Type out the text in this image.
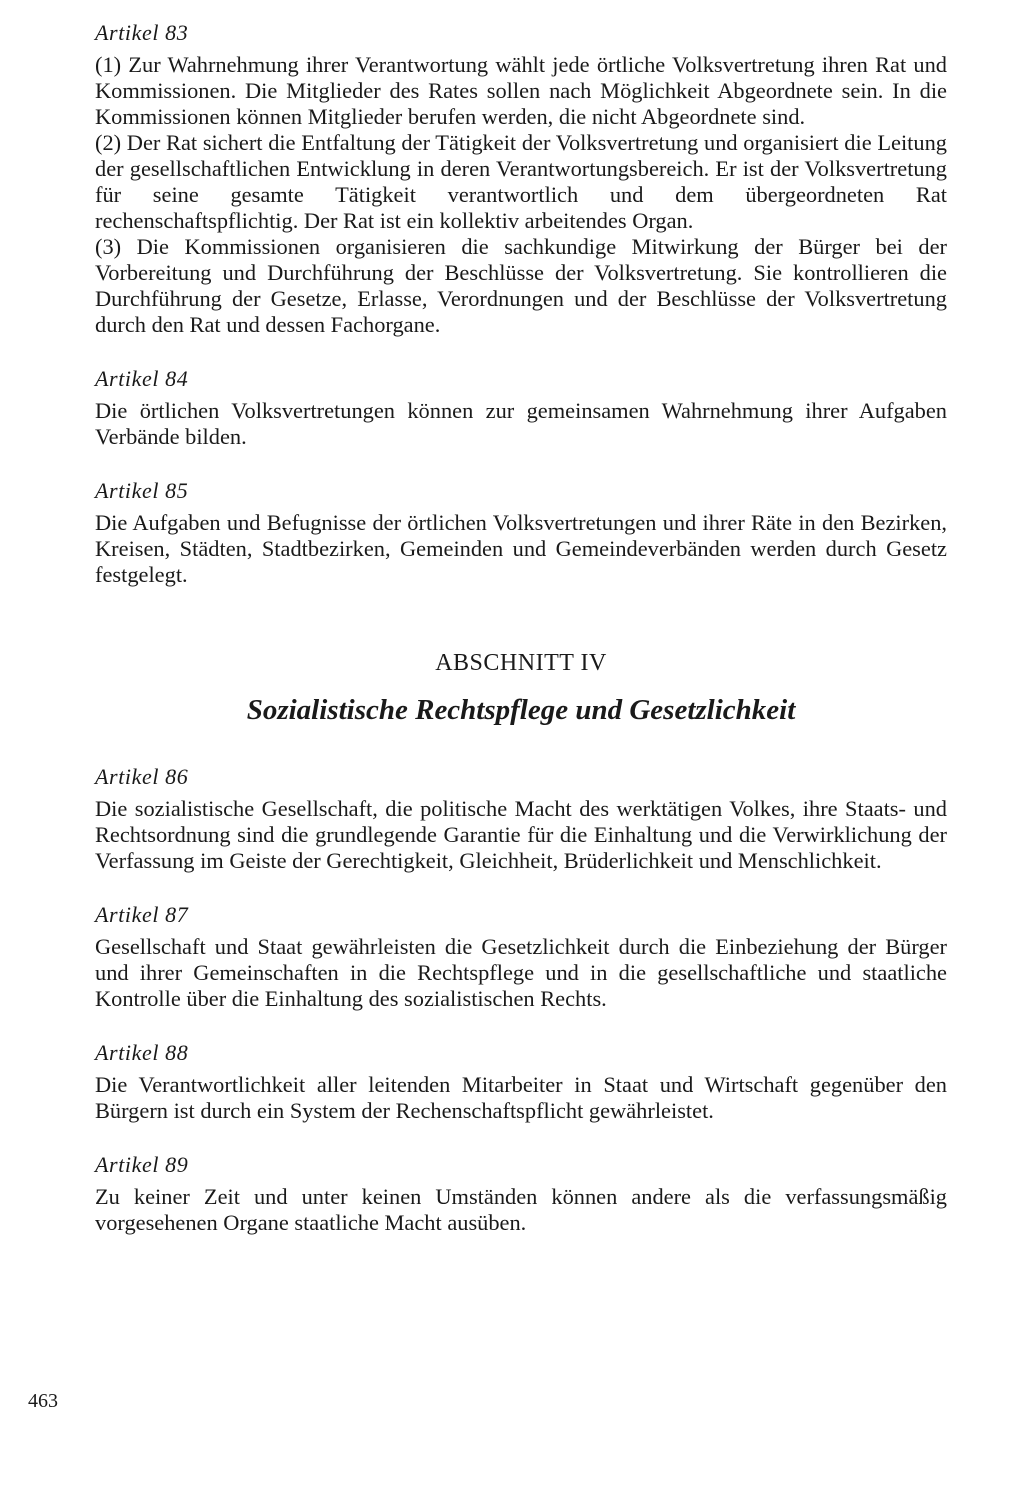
Artikel 83

(1) Zur Wahrnehmung ihrer Verantwortung wählt jede örtliche Volksvertretung ihren Rat und Kommissionen. Die Mitglieder des Rates sollen nach Möglichkeit Abgeordnete sein. In die Kommissionen können Mitglieder berufen werden, die nicht Abgeordnete sind.

(2) Der Rat sichert die Entfaltung der Tätigkeit der Volksvertretung und organisiert die Leitung der gesellschaftlichen Entwicklung in deren Verantwortungsbereich. Er ist der Volksvertretung für seine gesamte Tätigkeit verantwortlich und dem übergeordneten Rat rechenschaftspflichtig. Der Rat ist ein kollektiv arbeitendes Organ.

(3) Die Kommissionen organisieren die sachkundige Mitwirkung der Bürger bei der Vorbereitung und Durchführung der Beschlüsse der Volksvertretung. Sie kontrollieren die Durchführung der Gesetze, Erlasse, Verordnungen und der Beschlüsse der Volksvertretung durch den Rat und dessen Fachorgane.

Artikel 84

Die örtlichen Volksvertretungen können zur gemeinsamen Wahrnehmung ihrer Aufgaben Verbände bilden.

Artikel 85

Die Aufgaben und Befugnisse der örtlichen Volksvertretungen und ihrer Räte in den Bezirken, Kreisen, Städten, Stadtbezirken, Gemeinden und Gemeindeverbänden werden durch Gesetz festgelegt.

ABSCHNITT IV
Sozialistische Rechtspflege und Gesetzlichkeit
Artikel 86

Die sozialistische Gesellschaft, die politische Macht des werktätigen Volkes, ihre Staats- und Rechtsordnung sind die grundlegende Garantie für die Einhaltung und die Verwirklichung der Verfassung im Geiste der Gerechtigkeit, Gleichheit, Brüderlichkeit und Menschlichkeit.

Artikel 87

Gesellschaft und Staat gewährleisten die Gesetzlichkeit durch die Einbeziehung der Bürger und ihrer Gemeinschaften in die Rechtspflege und in die gesellschaftliche und staatliche Kontrolle über die Einhaltung des sozialistischen Rechts.

Artikel 88

Die Verantwortlichkeit aller leitenden Mitarbeiter in Staat und Wirtschaft gegenüber den Bürgern ist durch ein System der Rechenschaftspflicht gewährleistet.

Artikel 89

Zu keiner Zeit und unter keinen Umständen können andere als die verfassungsmäßig vorgesehenen Organe staatliche Macht ausüben.

463
